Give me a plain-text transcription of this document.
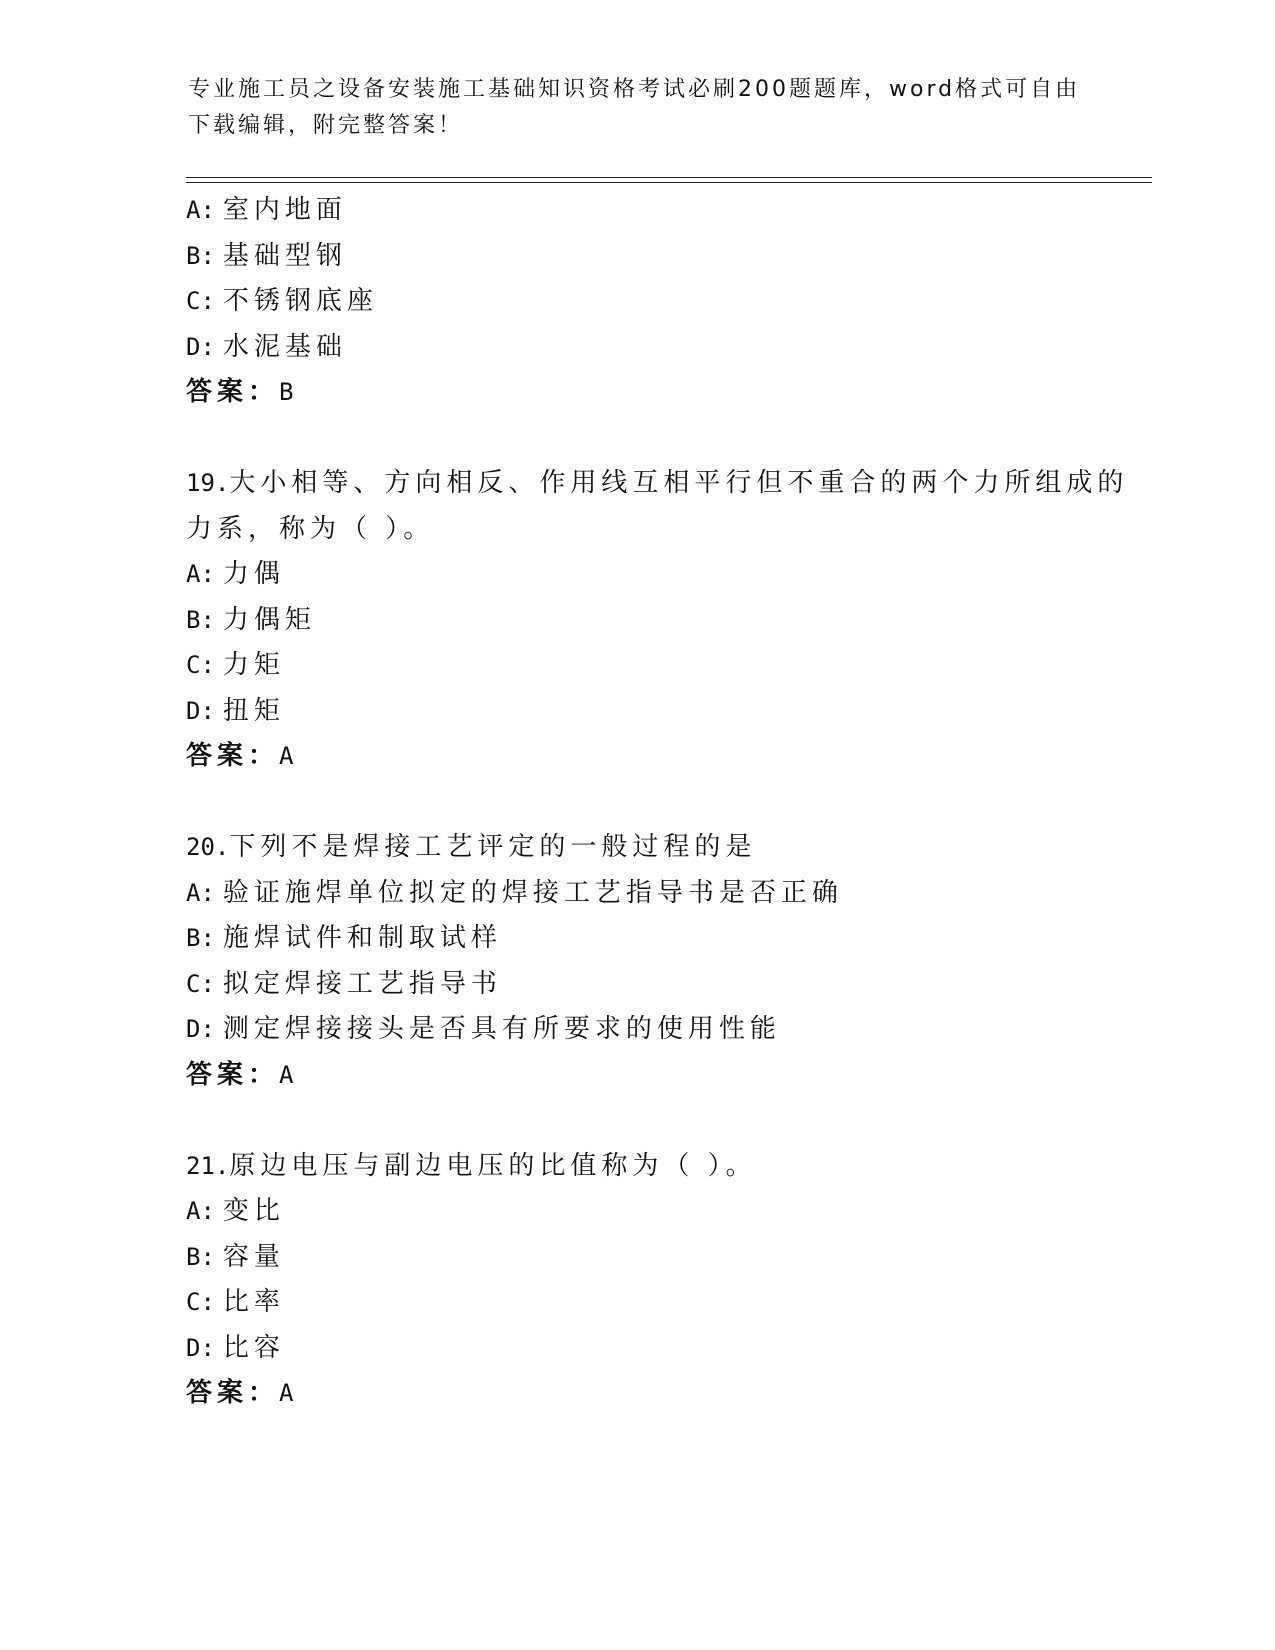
专业施工员之设备安装施工基础知识资格考试必刷200题题库，word格式可自由
下载编辑，附完整答案！
A: 室内地面
B: 基础型钢
C: 不锈钢底座
D: 水泥基础
答案：B
19.大小相等、方向相反、作用线互相平行但不重合的两个力所组成的
力系，称为（ ）。
A: 力偶
B: 力偶矩
C: 力矩
D: 扭矩
答案：A
20.下列不是焊接工艺评定的一般过程的是
A: 验证施焊单位拟定的焊接工艺指导书是否正确
B: 施焊试件和制取试样
C: 拟定焊接工艺指导书
D: 测定焊接接头是否具有所要求的使用性能
答案：A
21.原边电压与副边电压的比值称为（ ）。
A: 变比
B: 容量
C: 比率
D: 比容
答案：A
